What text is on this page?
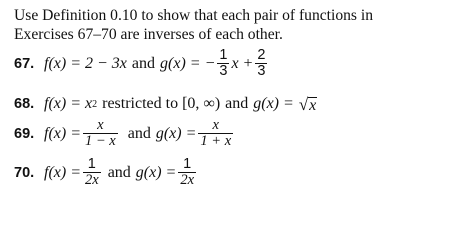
Use Definition 0.10 to show that each pair of functions in
Exercises 67–70 are inverses of each other.
67. f(x) = 2 − 3x and g(x) = − $\frac{1}{3}$ $x + \frac{2}{3}$
68. f(x) = x 2 restricted to [0, ∞) and g(x) = √ x
69. $f(x) = \frac{x}{1 - x}$ and $g(x) = \frac{x}{1 + x}$
70. $f(x) = \frac{1}{2x}$ and $g(x) = \frac{1}{2x}$
